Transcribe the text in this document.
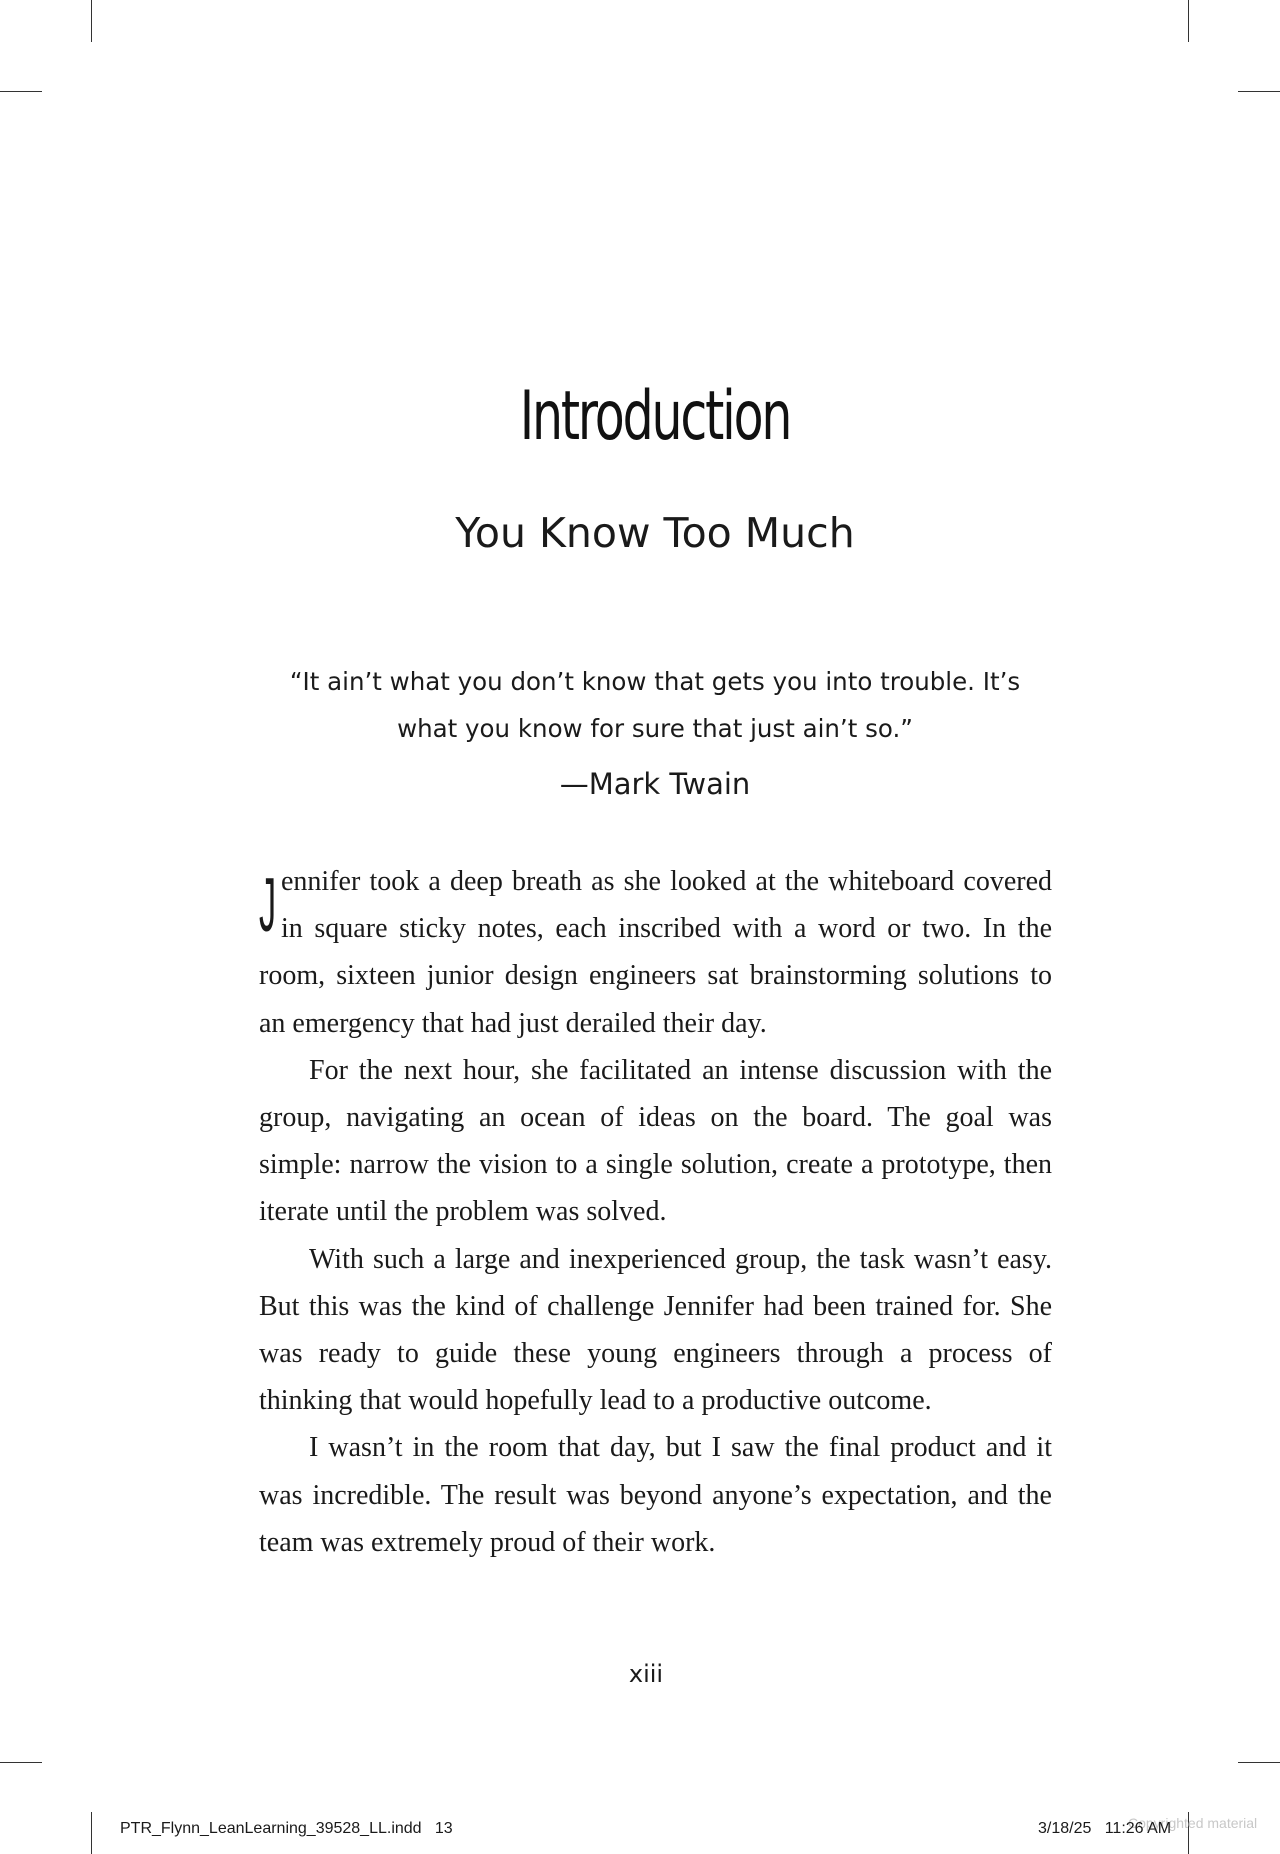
Introduction
You Know Too Much
“It ain’t what you don’t know that gets you into trouble. It’s
what you know for sure that just ain’t so.”
—Mark Twain

Jennifer took a deep breath as she looked at the whiteboard covered in square sticky notes, each inscribed with a word or two. In the room, sixteen junior design engineers sat brainstorming solutions to an emergency that had just derailed their day.

For the next hour, she facilitated an intense discussion with the group, navigating an ocean of ideas on the board. The goal was simple: narrow the vision to a single solution, create a prototype, then iterate until the problem was solved.

With such a large and inexperienced group, the task wasn’t easy. But this was the kind of challenge Jennifer had been trained for. She was ready to guide these young engineers through a process of thinking that would hopefully lead to a productive outcome.

I wasn’t in the room that day, but I saw the final product and it was incredible. The result was beyond anyone’s expectation, and the team was extremely proud of their work.

xiii
PTR_Flynn_LeanLearning_39528_LL.indd   13	Copyrighted material
3/18/25   11:26 AM
